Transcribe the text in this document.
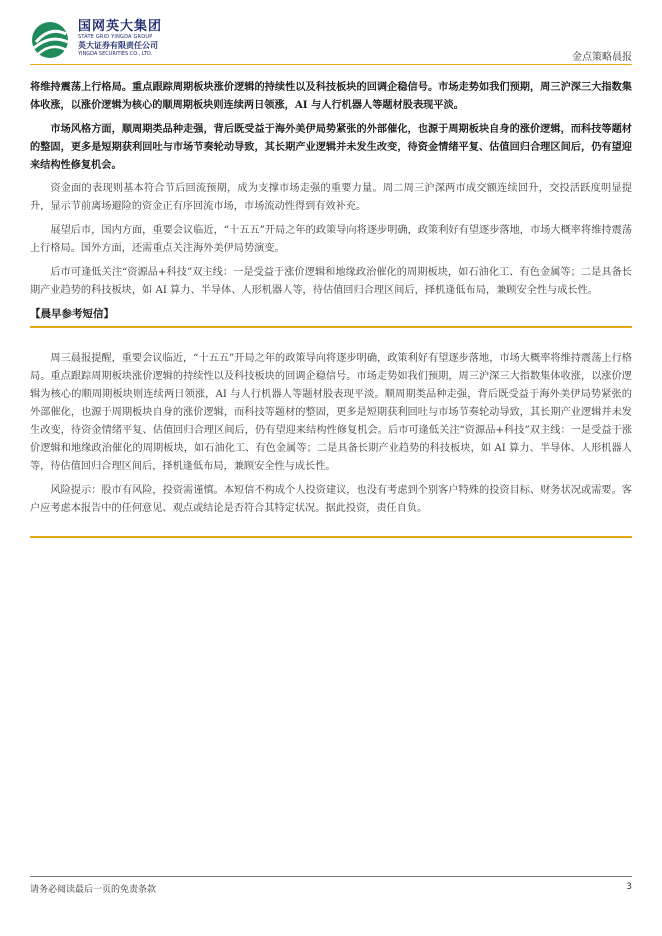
国网英大集团
STATE GRID YINGDA GROUP
英大证券有限责任公司
YINGDA SECURITIES CO., LTD.	金点策略晨报

将维持震荡上行格局。重点跟踪周期板块涨价逻辑的持续性以及科技板块的回调企稳信号。市场走势如我们预期，周三沪深三大指数集体收涨，以涨价逻辑为核心的顺周期板块则连续两日领涨，AI 与人行机器人等题材股表现平淡。

市场风格方面，顺周期类品种走强，背后既受益于海外美伊局势紧张的外部催化，也源于周期板块自身的涨价逻辑，而科技等题材的整固，更多是短期获利回吐与市场节奏轮动导致，其长期产业逻辑并未发生改变，待资金情绪平复、估值回归合理区间后，仍有望迎来结构性修复机会。

资金面的表现则基本符合节后回流预期，成为支撑市场走强的重要力量。周二周三沪深两市成交额连续回升，交投活跃度明显提升，显示节前离场避险的资金正有序回流市场，市场流动性得到有效补充。

展望后市，国内方面，重要会议临近，“十五五”开局之年的政策导向将逐步明确，政策利好有望逐步落地，市场大概率将维持震荡上行格局。国外方面，还需重点关注海外美伊局势演变。

后市可逢低关注“资源品+科技”双主线：一是受益于涨价逻辑和地缘政治催化的周期板块，如石油化工、有色金属等；二是具备长期产业趋势的科技板块，如 AI 算力、半导体、人形机器人等，待估值回归合理区间后，择机逢低布局，兼顾安全性与成长性。

【晨早参考短信】

周三晨报提醒，重要会议临近，“十五五”开局之年的政策导向将逐步明确，政策利好有望逐步落地，市场大概率将维持震荡上行格局。重点跟踪周期板块涨价逻辑的持续性以及科技板块的回调企稳信号。市场走势如我们预期，周三沪深三大指数集体收涨，以涨价逻辑为核心的顺周期板块则连续两日领涨，AI 与人行机器人等题材股表现平淡。顺周期类品种走强，背后既受益于海外美伊局势紧张的外部催化，也源于周期板块自身的涨价逻辑，而科技等题材的整固，更多是短期获利回吐与市场节奏轮动导致，其长期产业逻辑并未发生改变，待资金情绪平复、估值回归合理区间后，仍有望迎来结构性修复机会。后市可逢低关注“资源品+科技”双主线：一是受益于涨价逻辑和地缘政治催化的周期板块，如石油化工、有色金属等；二是具备长期产业趋势的科技板块，如 AI 算力、半导体、人形机器人等，待估值回归合理区间后，择机逢低布局，兼顾安全性与成长性。

风险提示：股市有风险，投资需谨慎。本短信不构成个人投资建议，也没有考虑到个别客户特殊的投资目标、财务状况或需要。客户应考虑本报告中的任何意见、观点或结论是否符合其特定状况。据此投资，责任自负。

请务必阅读最后一页的免责条款	3
